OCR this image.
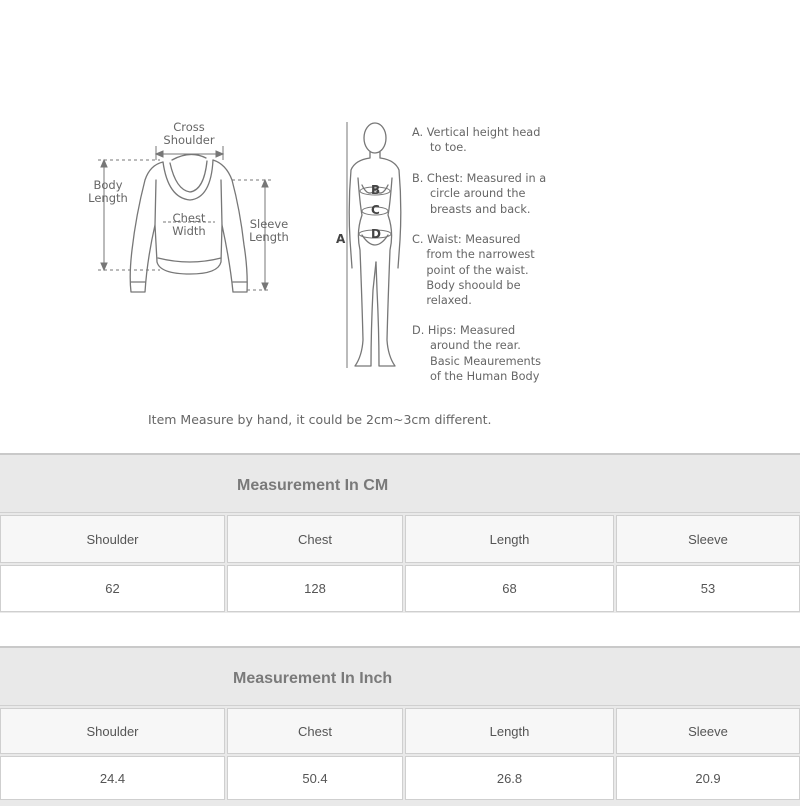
Cross
Shoulder
Body
Length
Chest
Width	Sleeve
Length	A
B
C
D
A. Vertical height head
to toe.
B. Chest: Measured in a
circle around the
breasts and back.
C. Waist: Measured
from the narrowest
point of the waist.
Body shoould be
relaxed.
D. Hips: Measured
around the rear.
Basic Meaurements
of the Human Body
Item Measure by hand, it could be 2cm~3cm different.
Measurement In CM
Shoulder	Chest	Length	Sleeve
62	128	68	53
Measurement In Inch
Shoulder	Chest	Length	Sleeve
24.4	50.4	26.8	20.9
